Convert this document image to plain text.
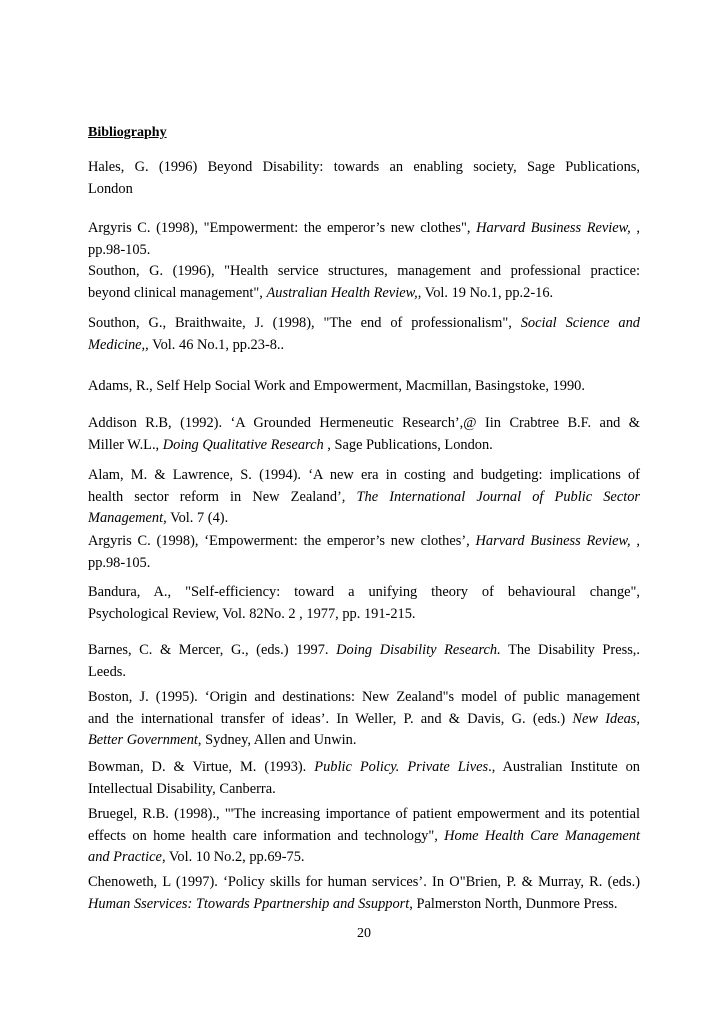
Bibliography
Hales, G. (1996) Beyond Disability: towards an enabling society, Sage Publications,
London
Argyris C. (1998), "Empowerment: the emperor’s new clothes", Harvard Business Review, ,
pp.98-105.
Southon, G. (1996), "Health service structures, management and professional practice:
beyond clinical management", Australian Health Review,, Vol. 19 No.1, pp.2-16.
Southon, G., Braithwaite, J. (1998), "The end of professionalism", Social Science and
Medicine,, Vol. 46 No.1, pp.23-8..
Adams, R., Self Help Social Work and Empowerment, Macmillan, Basingstoke, 1990.
Addison R.B, (1992). ‘A Grounded Hermeneutic Research’,@ Iin Crabtree B.F. and &
Miller W.L., Doing Qualitative Research , Sage Publications, London.
Alam, M. & Lawrence, S. (1994). ‘A new era in costing and budgeting: implications of
health sector reform in New Zealand’, The International Journal of Public Sector
Management, Vol. 7 (4).
Argyris C. (1998), ‘Empowerment: the emperor’s new clothes’, Harvard Business Review, ,
pp.98-105.
Bandura, A., "Self-efficiency: toward a unifying theory of behavioural change",
Psychological Review, Vol. 82No. 2 , 1977, pp. 191-215.
Barnes, C. & Mercer, G., (eds.) 1997. Doing Disability Research. The Disability Press,.
Leeds.
Boston, J. (1995). ‘Origin and destinations: New Zealand"s model of public management
and the international transfer of ideas’. In Weller, P. and & Davis, G. (eds.) New Ideas,
Better Government, Sydney, Allen and Unwin.
Bowman, D. & Virtue, M. (1993). Public Policy. Private Lives., Australian Institute on
Intellectual Disability, Canberra.
Bruegel, R.B. (1998)., "'The increasing importance of patient empowerment and its potential
effects on home health care information and technology", Home Health Care Management
and Practice, Vol. 10 No.2, pp.69-75.
Chenoweth, L (1997). ‘Policy skills for human services’. In O"Brien, P. & Murray, R. (eds.)
Human Sservices: Ttowards Ppartnership and Ssupport, Palmerston North, Dunmore Press.
20
